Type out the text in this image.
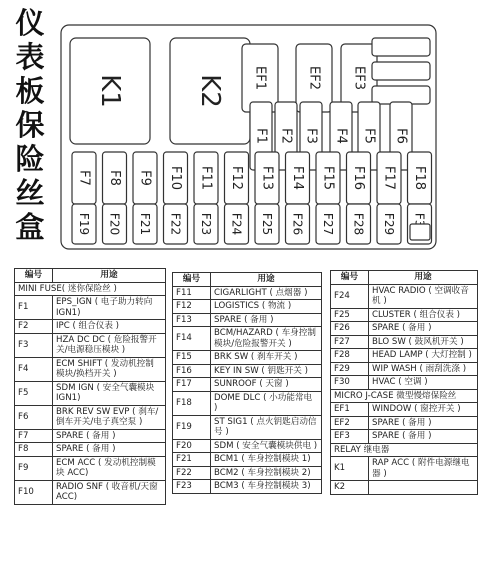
仪
表
板
保
险
丝
盒
K1	K2 EF1	EF2 EF3
F1 F2 F3 F4 F5 F6
F7 F8 F9 F10 F11 F12 F13 F14 F15 F16 F17 F18
F19 F20 F21 F22 F23 F24 F25 F26 F27 F28 F29
编号	用途
MINI FUSE( 迷你保险丝 )	
F1	EPS_IGN ( 电子助力转向 IGN1)
F2	IPC ( 组合仪表 )
F3	HZA DC DC ( 危险报警开关/电源稳压模块 )
F4	ECM SHIFT ( 发动机控制模块/换档开关 )
F5	SDM IGN ( 安全气囊模块 IGN1)
F6	BRK REV SW EVP ( 刹车/倒车开关/电子真空泵 )
F7	SPARE ( 备用 )
F8	SPARE ( 备用 )
F9	ECM ACC ( 发动机控制模块 ACC)
F10	RADIO SNF ( 收音机/天窗 ACC)
编号	用途
F11	CIGARLIGHT ( 点烟器 )
F12	LOGISTICS ( 物流 )
F13	SPARE ( 备用 )
F14	BCM/HAZARD ( 车身控制模块/危险报警开关 )
F15	BRK SW ( 刹车开关 )
F16	KEY IN SW ( 钥匙开关 )
F17	SUNROOF ( 天窗 )
F18	DOME DLC ( 小功能常电 )
F19	ST SIG1 ( 点火钥匙启动信号 )
F20	SDM ( 安全气囊模块供电 )
F21	BCM1 ( 车身控制模块 1)
F22	BCM2 ( 车身控制模块 2)
F23	BCM3 ( 车身控制模块 3)
编号	用途
F24	HVAC RADIO ( 空调收音机 )
F25	CLUSTER ( 组合仪表 )
F26	SPARE ( 备用 )
F27	BLO SW ( 鼓风机开关 )
F28	HEAD LAMP ( 大灯控制 )
F29	WIP WASH ( 雨刮洗涤 )
F30	HVAC ( 空调 )
MICRO J-CASE 微型慢熔保险丝	
EF1	WINDOW ( 窗控开关 )
EF2	SPARE ( 备用 )
EF3	SPARE ( 备用 )
RELAY 继电器	
K1	RAP ACC ( 附件电源继电器 )
K2	
